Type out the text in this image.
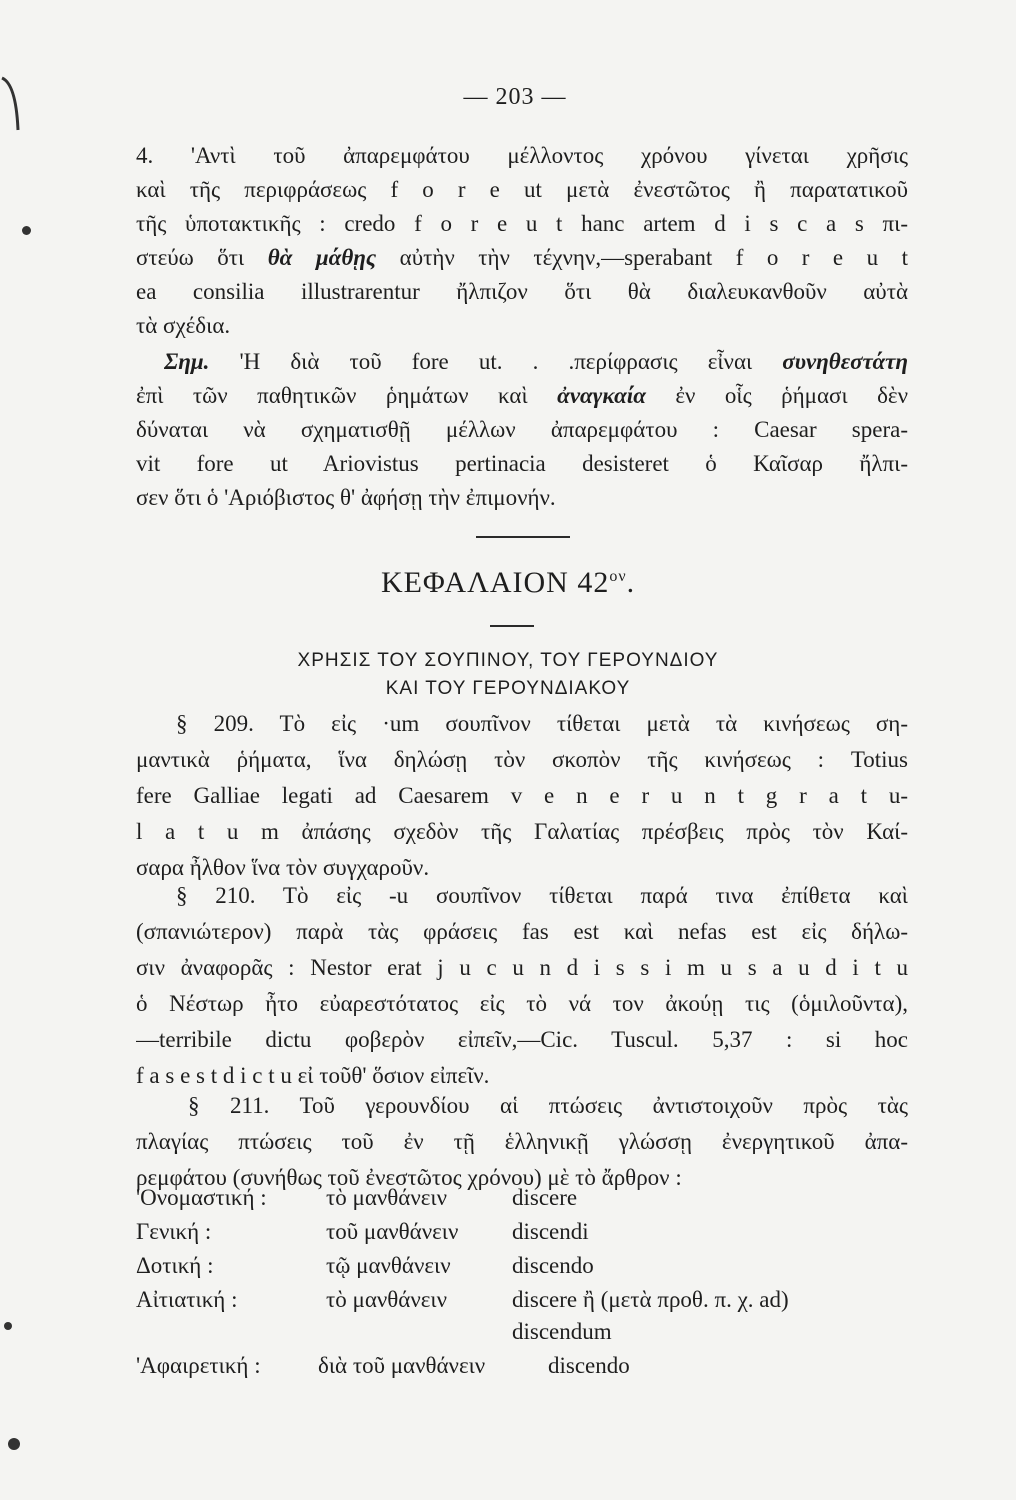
— 203 —
4. 'Αντὶ τοῦ ἀπαρεμφάτου μέλλοντος χρόνου γίνεται χρῆσις
καὶ τῆς περιφράσεως f o r e ut μετὰ ἐνεστῶτος ἢ παρατατικοῦ
τῆς ὑποτακτικῆς : credo f o r e u t hanc artem d i s c a s πι-
στεύω ὅτι θὰ μάθῃς αὐτὴν τὴν τέχνην,—sperabant f o r e u t
ea consilia illustrarentur ἤλπιζον ὅτι θὰ διαλευκανθοῦν αὐτὰ
τὰ σχέδια.
Σημ. 'Η διὰ τοῦ fore ut. . .περίφρασις εἶναι συνηθεστάτη
ἐπὶ τῶν παθητικῶν ῥημάτων καὶ ἀναγκαία ἐν οἷς ῥήμασι δὲν
δύναται νὰ σχηματισθῇ μέλλων ἀπαρεμφάτου : Caesar spera-
vit fore ut Ariovistus pertinacia desisteret ὁ Καῖσαρ ἤλπι-
σεν ὅτι ὁ 'Αριόβιστος θ' ἀφήσῃ τὴν ἐπιμονήν.
ΚΕΦΑΛΑΙΟΝ $42^{o\nu}$.
ΧΡΗΣΙΣ ΤΟΥ ΣΟΥΠΙΝΟΥ, ΤΟΥ ΓΕΡΟΥΝΔΙΟΥ
ΚΑΙ ΤΟΥ ΓΕΡΟΥΝΔΙΑΚΟΥ
§ 209. Τὸ εἰς ·um σουπῖνον τίθεται μετὰ τὰ κινήσεως ση-
μαντικὰ ῥήματα, ἵνα δηλώσῃ τὸν σκοπὸν τῆς κινήσεως : Totius
fere Galliae legati ad Caesarem v e n e r u n t g r a t u-
l a t u m ἀπάσης σχεδὸν τῆς Γαλατίας πρέσβεις πρὸς τὸν Καί-
σαρα ἦλθον ἵνα τὸν συγχαροῦν.
§ 210. Τὸ εἰς -u σουπῖνον τίθεται παρά τινα ἐπίθετα καὶ
(σπανιώτερον) παρὰ τὰς φράσεις fas est καὶ nefas est εἰς δήλω-
σιν ἀναφορᾶς : Nestor erat j u c u n d i s s i m u s a u d i t u
ὁ Νέστωρ ἦτο εὐαρεστότατος εἰς τὸ νά τον ἀκούῃ τις (ὁμιλοῦντα),
—terribile dictu φοβερὸν εἰπεῖν,—Cic. Tuscul. 5,37 : si hoc
f a s e s t d i c t u εἰ τοῦθ' ὅσιον εἰπεῖν.
§ 211. Τοῦ γερουνδίου αἱ πτώσεις ἀντιστοιχοῦν πρὸς τὰς
πλαγίας πτώσεις τοῦ ἐν τῇ ἑλληνικῇ γλώσσῃ ἐνεργητικοῦ ἀπα-
ρεμφάτου (συνήθως τοῦ ἐνεστῶτος χρόνου) μὲ τὸ ἄρθρον :
'Ονομαστική :	τὸ μανθάνειν	discere
Γενική :	τοῦ μανθάνειν discendi
Δοτική :	τῷ μανθάνειν	discendo
Αἰτιατική :	τὸ μανθάνειν	discere ἢ (μετὰ προθ. π. χ. ad)
discendum
'Αφαιρετική : διὰ τοῦ μανθάνειν	discendo
